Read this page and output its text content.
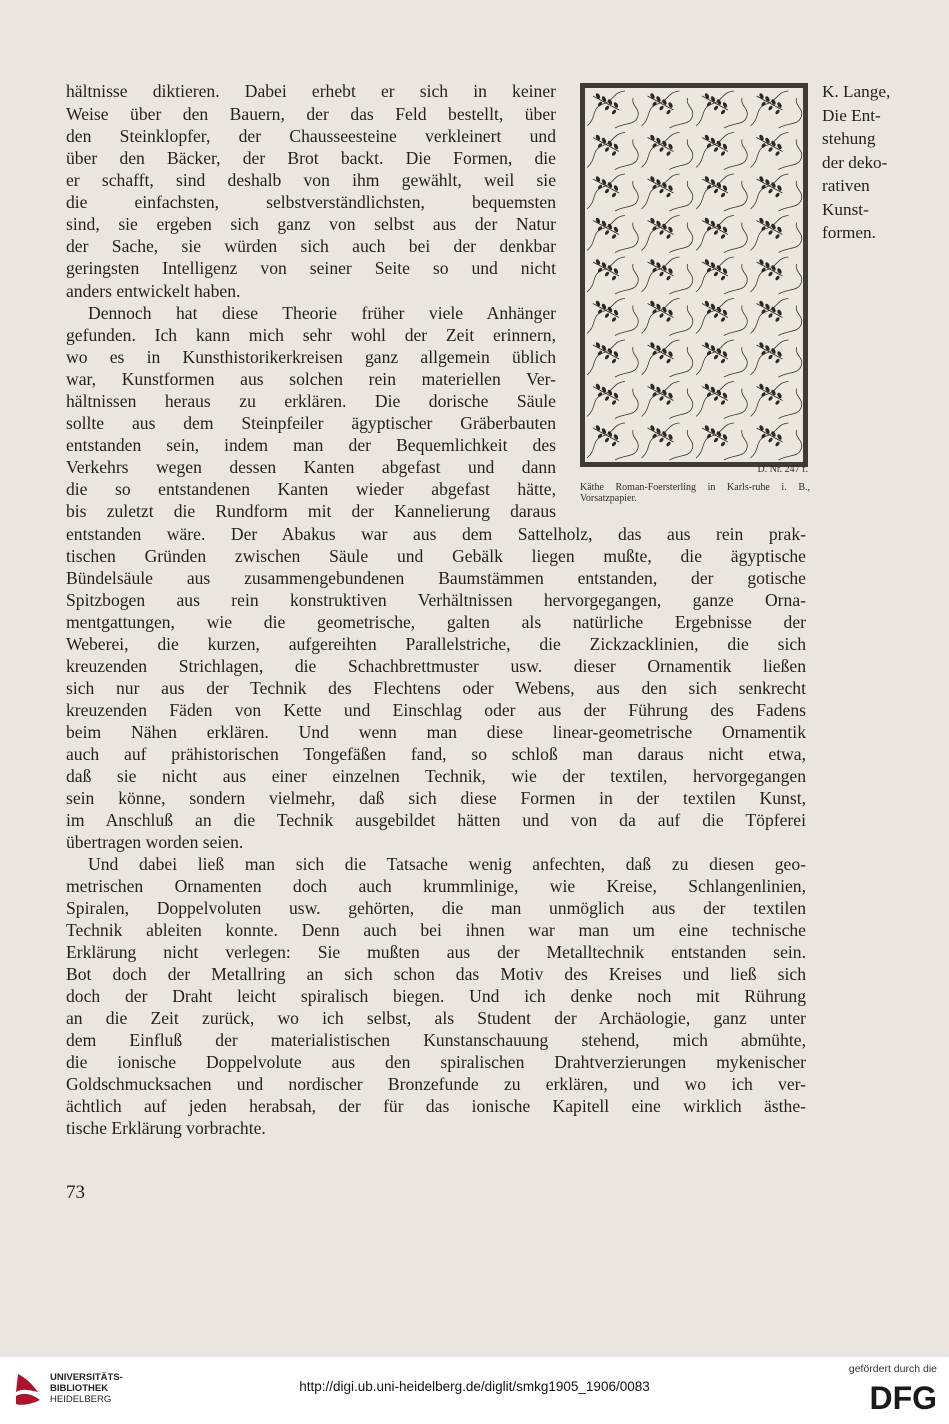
hältnisse diktieren. Dabei erhebt er sich in keiner
Weise über den Bauern, der das Feld bestellt, über
den Steinklopfer, der Chausseesteine verkleinert und
über den Bäcker, der Brot backt. Die Formen, die
er schafft, sind deshalb von ihm gewählt, weil sie
die einfachsten, selbstverständlichsten, bequemsten
sind, sie ergeben sich ganz von selbst aus der Natur
der Sache, sie würden sich auch bei der denkbar
geringsten Intelligenz von seiner Seite so und nicht
anders entwickelt haben.
Dennoch hat diese Theorie früher viele Anhänger
gefunden. Ich kann mich sehr wohl der Zeit erinnern,
wo es in Kunsthistorikerkreisen ganz allgemein üblich
war, Kunstformen aus solchen rein materiellen Ver-
hältnissen heraus zu erklären. Die dorische Säule
sollte aus dem Steinpfeiler ägyptischer Gräberbauten
entstanden sein, indem man der Bequemlichkeit des
Verkehrs wegen dessen Kanten abgefast und dann
die so entstandenen Kanten wieder abgefast hätte,
bis zuletzt die Rundform mit der Kannelierung daraus
entstanden wäre. Der Abakus war aus dem Sattelholz, das aus rein prak-
tischen Gründen zwischen Säule und Gebälk liegen mußte, die ägyptische
Bündelsäule aus zusammengebundenen Baumstämmen entstanden, der gotische
Spitzbogen aus rein konstruktiven Verhältnissen hervorgegangen, ganze Orna-
mentgattungen, wie die geometrische, galten als natürliche Ergebnisse der
Weberei, die kurzen, aufgereihten Parallelstriche, die Zickzacklinien, die sich
kreuzenden Strichlagen, die Schachbrettmuster usw. dieser Ornamentik ließen
sich nur aus der Technik des Flechtens oder Webens, aus den sich senkrecht
kreuzenden Fäden von Kette und Einschlag oder aus der Führung des Fadens
beim Nähen erklären. Und wenn man diese linear-geometrische Ornamentik
auch auf prähistorischen Tongefäßen fand, so schloß man daraus nicht etwa,
daß sie nicht aus einer einzelnen Technik, wie der textilen, hervorgegangen
sein könne, sondern vielmehr, daß sich diese Formen in der textilen Kunst,
im Anschluß an die Technik ausgebildet hätten und von da auf die Töpferei
übertragen worden seien.
Und dabei ließ man sich die Tatsache wenig anfechten, daß zu diesen geo-
metrischen Ornamenten doch auch krummlinige, wie Kreise, Schlangenlinien,
Spiralen, Doppelvoluten usw. gehörten, die man unmöglich aus der textilen
Technik ableiten konnte. Denn auch bei ihnen war man um eine technische
Erklärung nicht verlegen: Sie mußten aus der Metalltechnik entstanden sein.
Bot doch der Metallring an sich schon das Motiv des Kreises und ließ sich
doch der Draht leicht spiralisch biegen. Und ich denke noch mit Rührung
an die Zeit zurück, wo ich selbst, als Student der Archäologie, ganz unter
dem Einfluß der materialistischen Kunstanschauung stehend, mich abmühte,
die ionische Doppelvolute aus den spiralischen Drahtverzierungen mykenischer
Goldschmucksachen und nordischer Bronzefunde zu erklären, und wo ich ver-
ächtlich auf jeden herabsah, der für das ionische Kapitell eine wirklich ästhe-
tische Erklärung vorbrachte.
K. Lange,
Die Ent-
stehung
der deko-
rativen
Kunst-
formen.
D. Nr. 247 f.
Käthe Roman-Foersterling in Karls-ruhe i. B., Vorsatzpapier.
73
UNIVERSITÄTS-
BIBLIOTHEK
HEIDELBERG
http://digi.ub.uni-heidelberg.de/diglit/smkg1905_1906/0083
gefördert durch die
DFG
